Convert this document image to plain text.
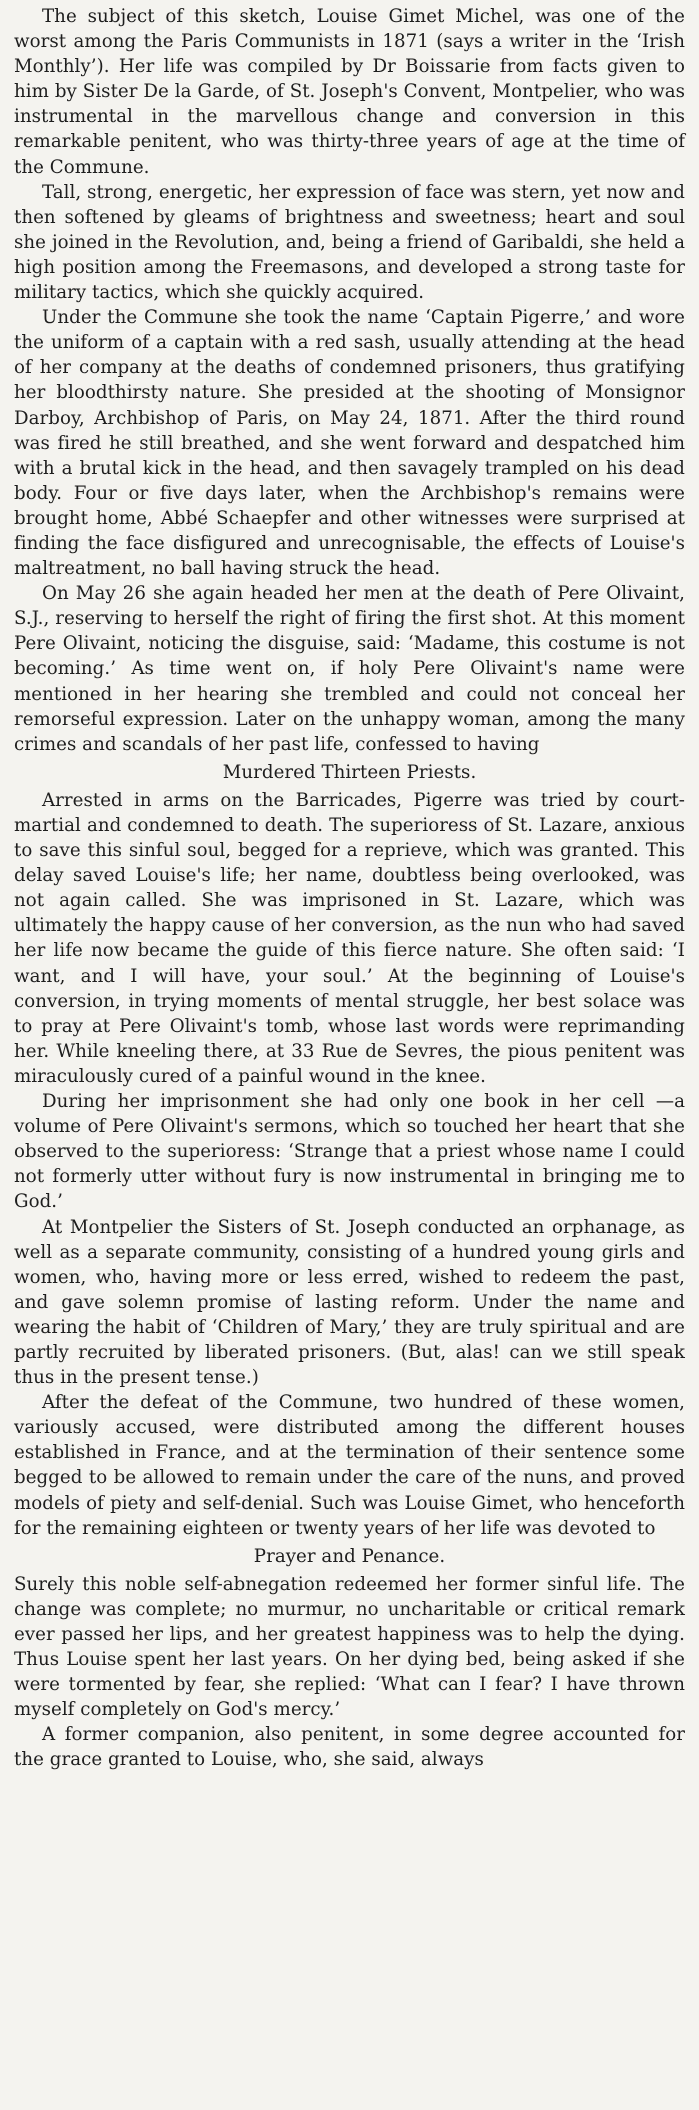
The subject of this sketch, Louise Gimet Michel, was one of the worst among the Paris Communists in 1871 (says a writer in the ‘Irish Monthly’). Her life was compiled by Dr Boissarie from facts given to him by Sister De la Garde, of St. Joseph's Convent, Montpelier, who was instrumental in the marvellous change and conversion in this remarkable penitent, who was thirty-three years of age at the time of the Commune.

Tall, strong, energetic, her expression of face was stern, yet now and then softened by gleams of brightness and sweetness; heart and soul she joined in the Revolution, and, being a friend of Garibaldi, she held a high position among the Freemasons, and developed a strong taste for military tactics, which she quickly acquired.

Under the Commune she took the name ‘Captain Pigerre,’ and wore the uniform of a captain with a red sash, usually attending at the head of her company at the deaths of condemned prisoners, thus gratifying her bloodthirsty nature. She presided at the shooting of Monsignor Darboy, Archbishop of Paris, on May 24, 1871. After the third round was fired he still breathed, and she went forward and despatched him with a brutal kick in the head, and then savagely trampled on his dead body. Four or five days later, when the Archbishop's remains were brought home, Abbé Schaepfer and other witnesses were surprised at finding the face disfigured and unrecognisable, the effects of Louise's maltreatment, no ball having struck the head.

On May 26 she again headed her men at the death of Pere Olivaint, S.J., reserving to herself the right of firing the first shot. At this moment Pere Olivaint, noticing the disguise, said: ‘Madame, this costume is not becoming.’ As time went on, if holy Pere Olivaint's name were mentioned in her hearing she trembled and could not conceal her remorseful expression. Later on the unhappy woman, among the many crimes and scandals of her past life, confessed to having

Murdered Thirteen Priests.

Arrested in arms on the Barricades, Pigerre was tried by court-martial and condemned to death. The superioress of St. Lazare, anxious to save this sinful soul, begged for a reprieve, which was granted. This delay saved Louise's life; her name, doubtless being overlooked, was not again called. She was imprisoned in St. Lazare, which was ultimately the happy cause of her conversion, as the nun who had saved her life now became the guide of this fierce nature. She often said: ‘I want, and I will have, your soul.’ At the beginning of Louise's conversion, in trying moments of mental struggle, her best solace was to pray at Pere Olivaint's tomb, whose last words were reprimanding her. While kneeling there, at 33 Rue de Sevres, the pious penitent was miraculously cured of a painful wound in the knee.

During her imprisonment she had only one book in her cell —a volume of Pere Olivaint's sermons, which so touched her heart that she observed to the superioress: ‘Strange that a priest whose name I could not formerly utter without fury is now instrumental in bringing me to God.’

At Montpelier the Sisters of St. Joseph conducted an orphanage, as well as a separate community, consisting of a hundred young girls and women, who, having more or less erred, wished to redeem the past, and gave solemn promise of lasting reform. Under the name and wearing the habit of ‘Children of Mary,’ they are truly spiritual and are partly recruited by liberated prisoners. (But, alas! can we still speak thus in the present tense.)

After the defeat of the Commune, two hundred of these women, variously accused, were distributed among the different houses established in France, and at the termination of their sentence some begged to be allowed to remain under the care of the nuns, and proved models of piety and self-denial. Such was Louise Gimet, who henceforth for the remaining eighteen or twenty years of her life was devoted to

Prayer and Penance.

Surely this noble self-abnegation redeemed her former sinful life. The change was complete; no murmur, no uncharitable or critical remark ever passed her lips, and her greatest happiness was to help the dying. Thus Louise spent her last years. On her dying bed, being asked if she were tormented by fear, she replied: ‘What can I fear? I have thrown myself completely on God's mercy.’

A former companion, also penitent, in some degree accounted for the grace granted to Louise, who, she said, always
